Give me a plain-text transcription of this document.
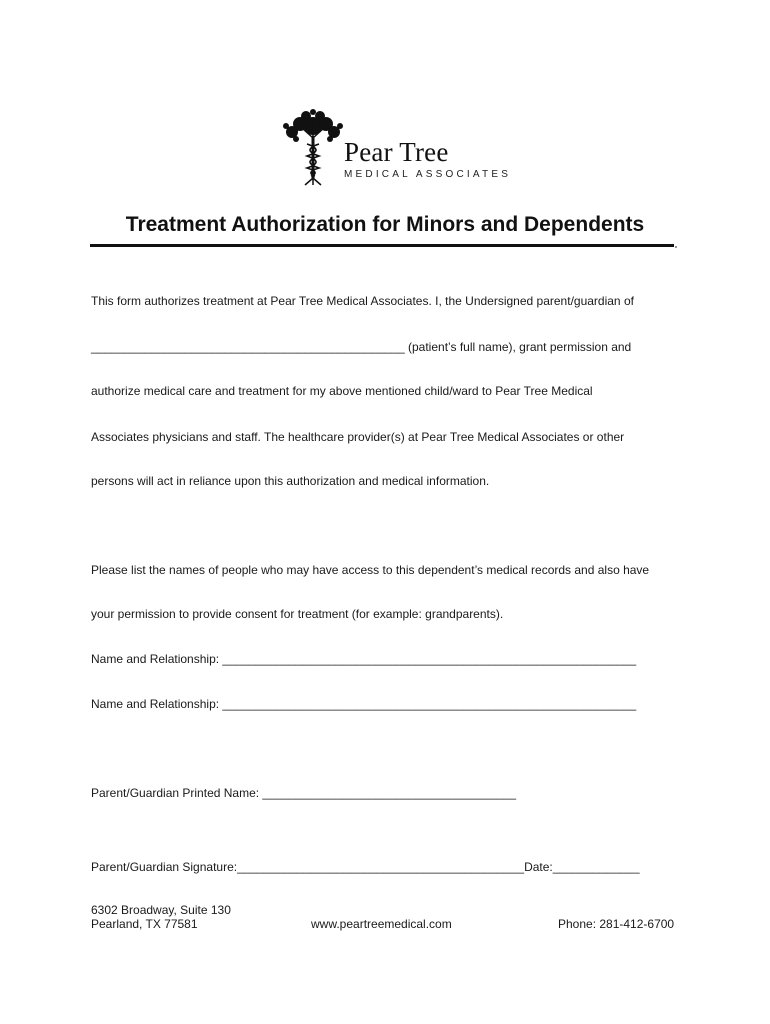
Pear Tree
MEDICAL ASSOCIATES
Treatment Authorization for Minors and Dependents
This form authorizes treatment at Pear Tree Medical Associates. I, the Undersigned parent/guardian of
_______________________________________________ (patient’s full name), grant permission and
authorize medical care and treatment for my above mentioned child/ward to Pear Tree Medical
Associates physicians and staff. The healthcare provider(s) at Pear Tree Medical Associates or other
persons will act in reliance upon this authorization and medical information.
Please list the names of people who may have access to this dependent’s medical records and also have
your permission to provide consent for treatment (for example: grandparents).
Name and Relationship: ______________________________________________________________
Name and Relationship: ______________________________________________________________
Parent/Guardian Printed Name: ______________________________________
Parent/Guardian Signature:___________________________________________Date:_____________
6302 Broadway, Suite 130
Pearland, TX 77581	www.peartreemedical.com	Phone: 281-412-6700
